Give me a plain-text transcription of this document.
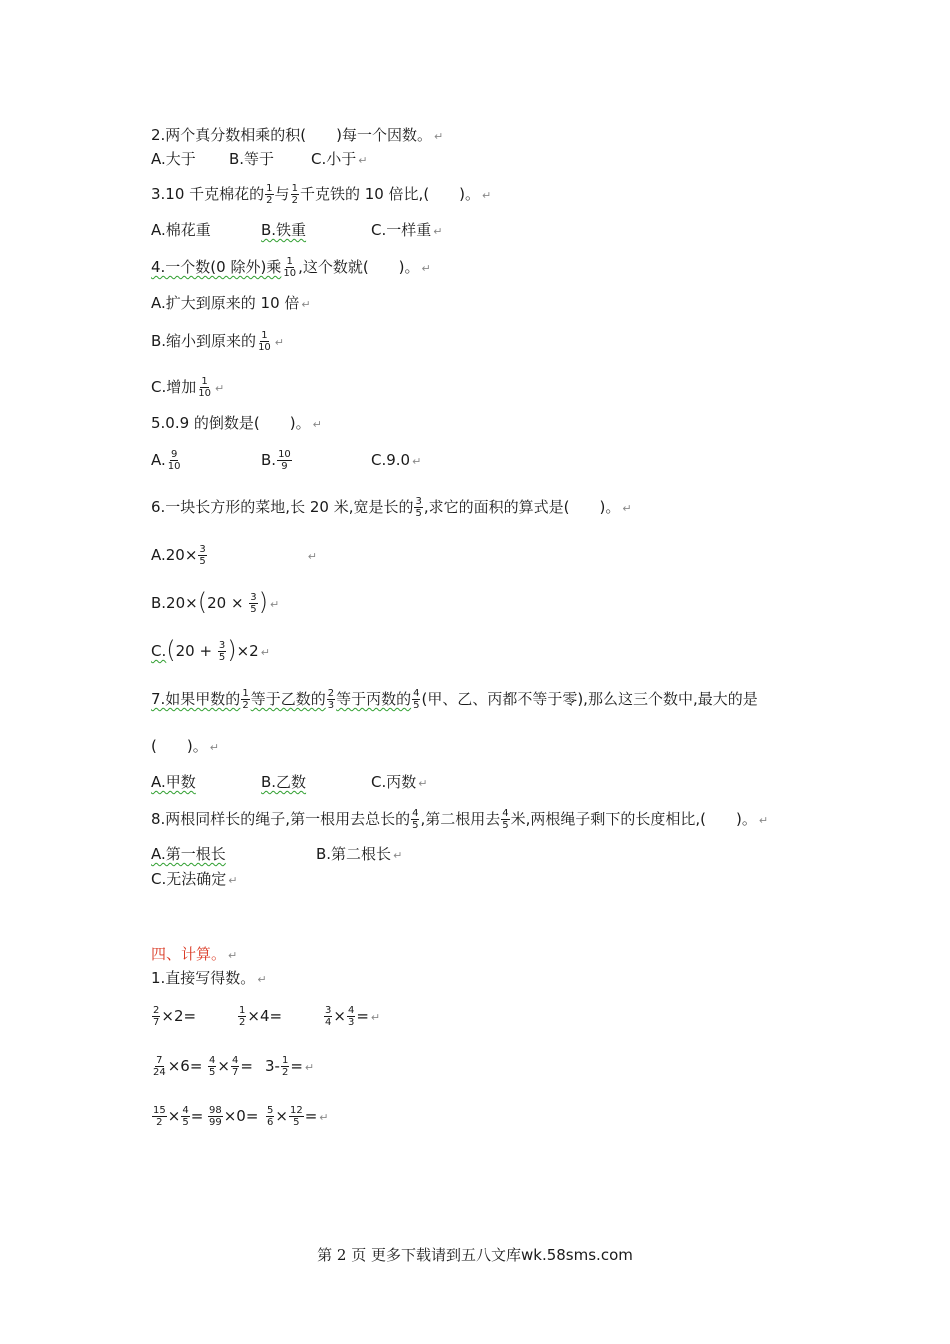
2.两个真分数相乘的积(　　)每一个因数。 ↵
A.大于 B.等于 C.小于 ↵
3.10 千克棉花的 $\frac{1}{2}$ 与 $\frac{1}{2}$ 千克铁的 10 倍比,(　　)。 ↵
A.棉花重	B.铁重	C.一样重 ↵
4.一个数(0 除外)乘 $\frac{1}{10}$ ,这个数就(　　)。 ↵
A.扩大到原来的 10 倍 ↵
B.缩小到原来的 $\frac{1}{10}$ ↵
C.增加 $\frac{1}{10}$ ↵
5.0.9 的倒数是(　　)。 ↵
A. $\frac{9}{10}$	B. $\frac{10}{9}$	C.9.0 ↵
6.一块长方形的菜地,长 20 米,宽是长的 $\frac{3}{5}$ ,求它的面积的算式是(　　)。 ↵
$A.20\times \frac{3}{5}$	↵
$B.20\times(20 \times \frac{3}{5}$ ) ↵
$C.(20 + \frac{3}{5} )\times 2$ ↵
7.如果甲数的 $\frac{1}{2}$ 等于乙数的 $\frac{2}{3}$ 等于丙数的 $\frac{4}{5}$ (甲、乙、丙都不等于零),那么这三个数中,最大的是
(　　)。 ↵
A.甲数	B.乙数	C.丙数 ↵
8.两根同样长的绳子,第一根用去总长的 $\frac{4}{5}$ ,第二根用去 $\frac{4}{5}$ 米,两根绳子剩下的长度相比,(　　)。 ↵
A.第一根长	B.第二根长 ↵
C.无法确定 ↵
四、计算。 ↵
1.直接写得数。 ↵
$\frac{2}{7} \times 2=$	$\frac{1}{2} \times 4=$	$\frac{3}{4} \times \frac{4}{3}$ = ↵
$\frac{7}{24} \times 6= \frac{4}{5} \times \frac{4}{7} = 3- \frac{1}{2}$ = ↵
$\frac{15}{2} \times \frac{4}{5} = \frac{98}{99} \times 0= \frac{5}{6} \times \frac{12}{5}$ = ↵
第 2 页 更多下载请到五八文库wk.58sms.com
